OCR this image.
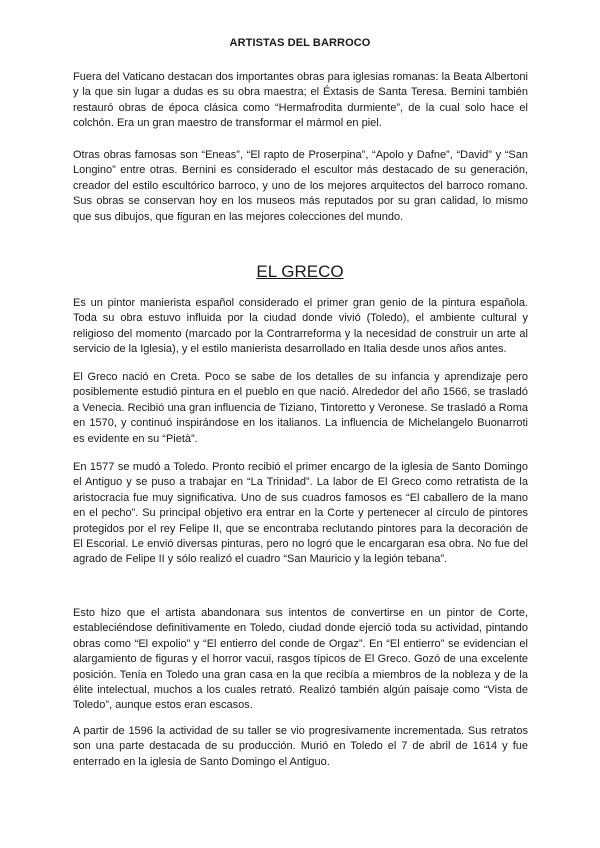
ARTISTAS DEL BARROCO

Fuera del Vaticano destacan dos importantes obras para iglesias romanas: la Beata Albertoni y la que sin lugar a dudas es su obra maestra; el Éxtasis de Santa Teresa. Bernini también restauró obras de época clásica como “Hermafrodita durmiente”, de la cual solo hace el colchón. Era un gran maestro de transformar el mármol en piel.

Otras obras famosas son “Eneas”, “El rapto de Proserpina”, “Apolo y Dafne”, “David” y “San Longino” entre otras. Bernini es considerado el escultor más destacado de su generación, creador del estilo escultórico barroco, y uno de los mejores arquitectos del barroco romano. Sus obras se conservan hoy en los museos más reputados por su gran calidad, lo mismo que sus dibujos, que figuran en las mejores colecciones del mundo.

EL GRECO

Es un pintor manierista español considerado el primer gran genio de la pintura española. Toda su obra estuvo influida por la ciudad donde vivió (Toledo), el ambiente cultural y religioso del momento (marcado por la Contrarreforma y la necesidad de construir un arte al servicio de la Iglesia), y el estilo manierista desarrollado en Italia desde unos años antes.

El Greco nació en Creta. Poco se sabe de los detalles de su infancia y aprendizaje pero posiblemente estudió pintura en el pueblo en que nació. Alrededor del año 1566, se trasladó a Venecia. Recibió una gran influencia de Tiziano, Tintoretto y Veronese. Se trasladó a Roma en 1570, y continuó inspirándose en los italianos. La influencia de Michelangelo Buonarroti es evidente en su “Pietà”.

En 1577 se mudó a Toledo. Pronto recibió el primer encargo de la iglesia de Santo Domingo el Antiguo y se puso a trabajar en “La Trinidad”. La labor de El Greco como retratista de la aristocracia fue muy significativa. Uno de sus cuadros famosos es “El caballero de la mano en el pecho”. Su principal objetivo era entrar en la Corte y pertenecer al círculo de pintores protegidos por el rey Felipe II, que se encontraba reclutando pintores para la decoración de El Escorial. Le envió diversas pinturas, pero no logró que le encargaran esa obra. No fue del agrado de Felipe II y sólo realizó el cuadro “San Mauricio y la legión tebana”.

Esto hizo que el artista abandonara sus intentos de convertirse en un pintor de Corte, estableciéndose definitivamente en Toledo, ciudad donde ejerció toda su actividad, pintando obras como “El expolio” y “El entierro del conde de Orgaz”. En “El entierro” se evidencian el alargamiento de figuras y el horror vacui, rasgos típicos de El Greco. Gozó de una excelente posición. Tenía en Toledo una gran casa en la que recibía a miembros de la nobleza y de la élite intelectual, muchos a los cuales retrató. Realizó también algún paisaje como “Vista de Toledo”, aunque estos eran escasos.

A partir de 1596 la actividad de su taller se vio progresivamente incrementada. Sus retratos son una parte destacada de su producción. Murió en Toledo el 7 de abril de 1614 y fue enterrado en la iglesia de Santo Domingo el Antiguo.
